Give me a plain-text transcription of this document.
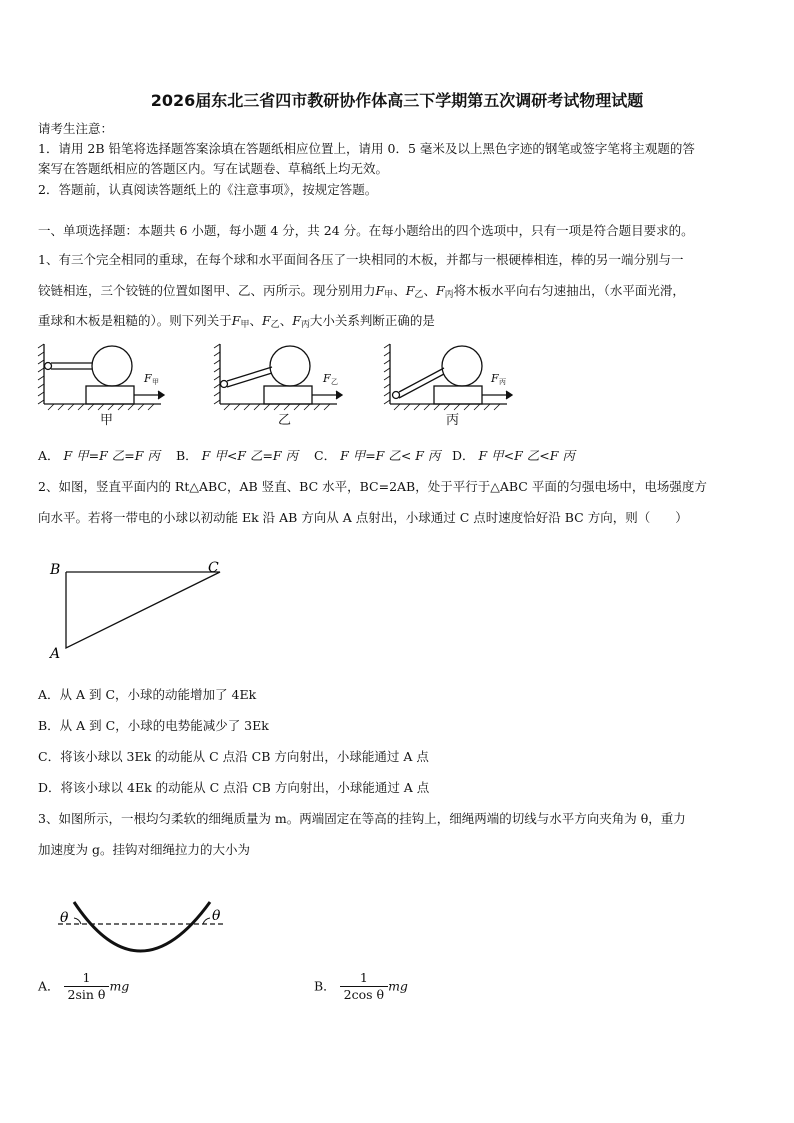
2026届东北三省四市教研协作体高三下学期第五次调研考试物理试题
请考生注意：
1．请用 2B 铅笔将选择题答案涂填在答题纸相应位置上，请用 0．5 毫米及以上黑色字迹的钢笔或签字笔将主观题的答
案写在答题纸相应的答题区内。写在试题卷、草稿纸上均无效。
2．答题前，认真阅读答题纸上的《注意事项》，按规定答题。
一、单项选择题：本题共 6 小题，每小题 4 分，共 24 分。在每小题给出的四个选项中，只有一项是符合题目要求的。
1、有三个完全相同的重球，在每个球和水平面间各压了一块相同的木板，并都与一根硬棒相连，棒的另一端分别与一
铰链相连，三个铰链的位置如图甲、乙、丙所示。现分别用力$F_甲$、$F_乙$、$F_丙$将木板水平向右匀速抽出，（水平面光滑，
重球和木板是粗糙的）。则下列关于$F_甲$、$F_乙$、$F_丙$大小关系判断正确的是
F 甲	F 乙	F 丙
甲	乙	丙
A． F 甲=F 乙=F 丙 B． F 甲<F 乙=F 丙 C． F 甲=F 乙< F 丙 D． F 甲<F 乙<F 丙
2、如图，竖直平面内的 Rt△ABC，AB 竖直、BC 水平，BC=2AB，处于平行于△ABC 平面的匀强电场中，电场强度方
向水平。若将一带电的小球以初动能 Ek 沿 AB 方向从 A 点射出，小球通过 C 点时速度恰好沿 BC 方向，则（　　）
B
A
C
A．从 A 到 C，小球的动能增加了 4Ek
B．从 A 到 C，小球的电势能减少了 3Ek
C．将该小球以 3Ek 的动能从 C 点沿 CB 方向射出，小球能通过 A 点
D．将该小球以 4Ek 的动能从 C 点沿 CB 方向射出，小球能通过 A 点
3、如图所示，一根均匀柔软的细绳质量为 m。两端固定在等高的挂钩上，细绳两端的切线与水平方向夹角为 θ，重力
加速度为 g。挂钩对细绳拉力的大小为
θ	θ
A． $\frac{1}{\text{2sin θ}}$ mg	B． $\frac{1}{\text{2cos θ}}$ mg
